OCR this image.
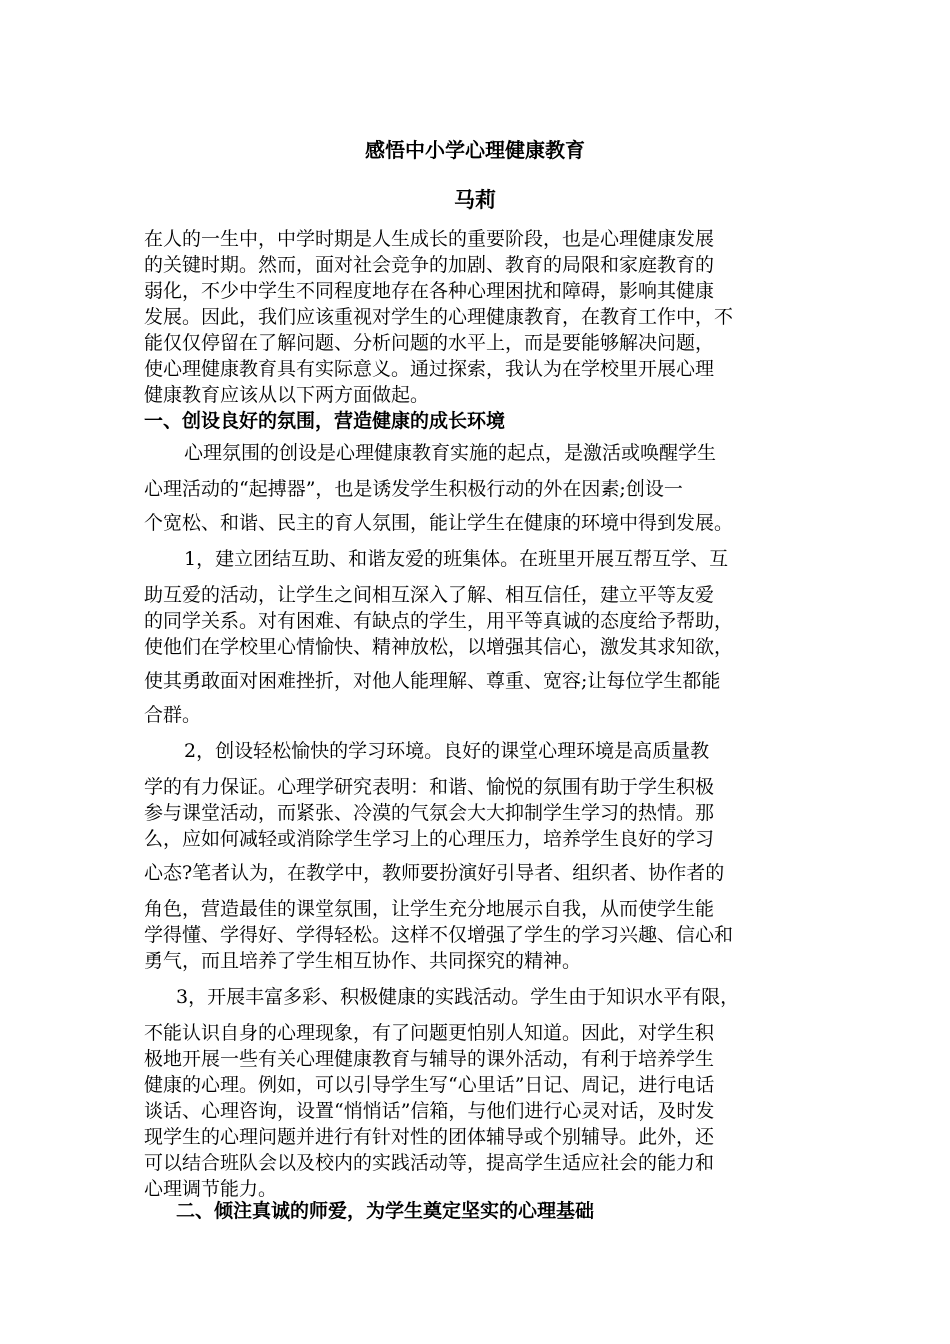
感悟中小学心理健康教育
马莉
在人的一生中，中学时期是人生成长的重要阶段，也是心理健康发展
的关键时期。然而，面对社会竞争的加剧、教育的局限和家庭教育的
弱化，不少中学生不同程度地存在各种心理困扰和障碍，影响其健康
发展。因此，我们应该重视对学生的心理健康教育，在教育工作中，不
能仅仅停留在了解问题、分析问题的水平上，而是要能够解决问题，
使心理健康教育具有实际意义。通过探索，我认为在学校里开展心理
健康教育应该从以下两方面做起。
一、创设良好的氛围，营造健康的成长环境
心理氛围的创设是心理健康教育实施的起点，是激活或唤醒学生
心理活动的“起搏器”，也是诱发学生积极行动的外在因素;创设一
个宽松、和谐、民主的育人氛围，能让学生在健康的环境中得到发展。
1，建立团结互助、和谐友爱的班集体。在班里开展互帮互学、互
助互爱的活动，让学生之间相互深入了解、相互信任，建立平等友爱
的同学关系。对有困难、有缺点的学生，用平等真诚的态度给予帮助，
使他们在学校里心情愉快、精神放松，以增强其信心，激发其求知欲，
使其勇敢面对困难挫折，对他人能理解、尊重、宽容;让每位学生都能
合群。
2，创设轻松愉快的学习环境。良好的课堂心理环境是高质量教
学的有力保证。心理学研究表明：和谐、愉悦的氛围有助于学生积极
参与课堂活动，而紧张、冷漠的气氛会大大抑制学生学习的热情。那
么，应如何减轻或消除学生学习上的心理压力，培养学生良好的学习
心态?笔者认为，在教学中，教师要扮演好引导者、组织者、协作者的
角色，营造最佳的课堂氛围，让学生充分地展示自我，从而使学生能
学得懂、学得好、学得轻松。这样不仅增强了学生的学习兴趣、信心和
勇气，而且培养了学生相互协作、共同探究的精神。
3，开展丰富多彩、积极健康的实践活动。学生由于知识水平有限，
不能认识自身的心理现象，有了问题更怕别人知道。因此，对学生积
极地开展一些有关心理健康教育与辅导的课外活动，有利于培养学生
健康的心理。例如，可以引导学生写“心里话”日记、周记，进行电话
谈话、心理咨询，设置“悄悄话”信箱，与他们进行心灵对话，及时发
现学生的心理问题并进行有针对性的团体辅导或个别辅导。此外，还
可以结合班队会以及校内的实践活动等，提高学生适应社会的能力和
心理调节能力。
二、倾注真诚的师爱，为学生奠定坚实的心理基础
